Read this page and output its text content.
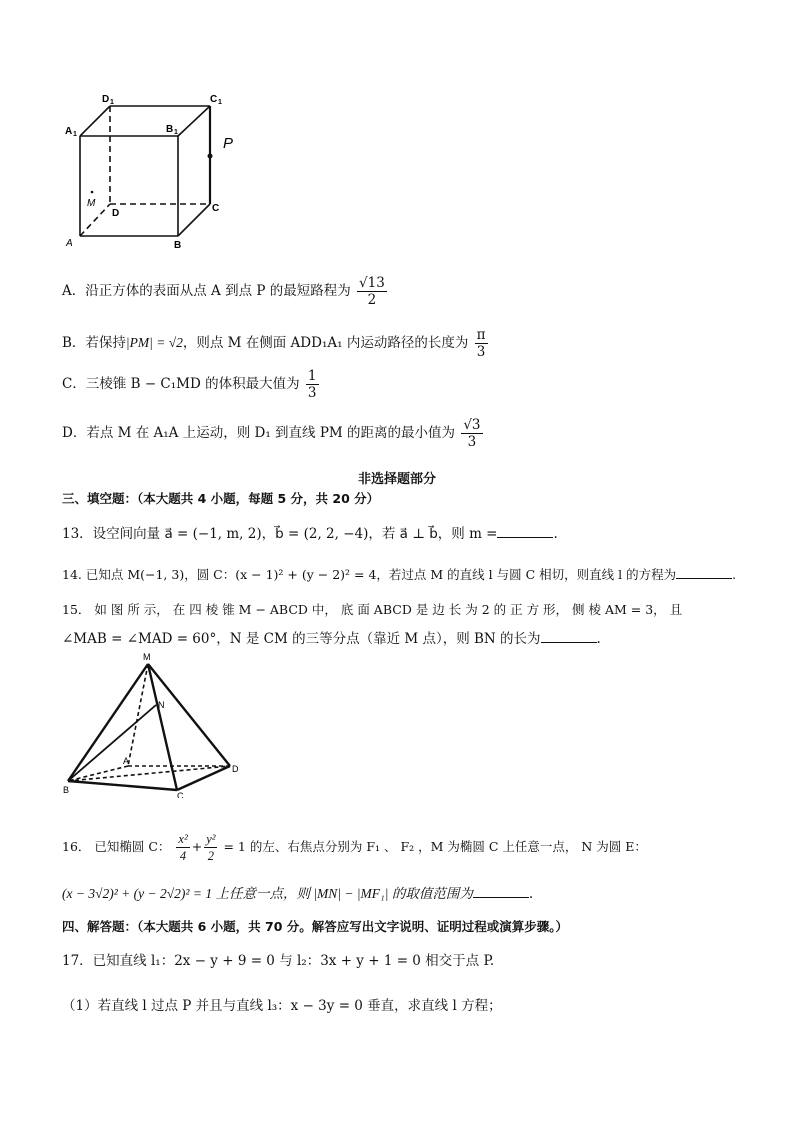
D 1	C 1
A 1	B 1
P
M
D	C
A	B
A．沿正方体的表面从点 A 到点 P 的最短路程为 $\frac{√13}{2}$
B．若保持|PM| = √2，则点 M 在侧面 ADD₁A₁ 内运动路径的长度为 $\frac{\pi}{3}$
C．三棱锥 B − C₁MD 的体积最大值为 $\frac{1}{3}$
D．若点 M 在 A₁A 上运动，则 D₁ 到直线 PM 的距离的最小值为 $\frac{√3}{3}$
非选择题部分
三、填空题：（本大题共 4 小题，每题 5 分，共 20 分）
13．设空间向量 a⃗ = (−1, m, 2)，b⃗ = (2, 2, −4)，若 a⃗ ⊥ b⃗，则 m =	.
14. 已知点 M(−1, 3)，圆 C：(x − 1)² + (y − 2)² = 4，若过点 M 的直线 l 与圆 C 相切，则直线 l 的方程为	.
15． 如 图 所 示， 在 四 棱 锥 M − ABCD 中， 底 面 ABCD 是 边 长 为 2 的 正 方 形， 侧 棱 AM = 3， 且
∠MAB = ∠MAD = 60°，N 是 CM 的三等分点（靠近 M 点），则 BN 的长为	.
M
N
A
B
C
D
16． 已知椭圆 C： $\frac{\text{x²}}{4} + \frac{\text{y²}}{2} = 1$ 的左、右焦点分别为 F₁ 、 F₂ ，M 为椭圆 C 上任意一点， N 为圆 E：
(x − 3√2)² + (y − 2√2)² = 1 上任意一点，则 |MN| − |MF₁| 的取值范围为	.
四、解答题：（本大题共 6 小题，共 70 分。解答应写出文字说明、证明过程或演算步骤。）
17．已知直线 l₁：2x − y + 9 = 0 与 l₂：3x + y + 1 = 0 相交于点 P.
（1）若直线 l 过点 P 并且与直线 l₃：x − 3y = 0 垂直，求直线 l 方程；
